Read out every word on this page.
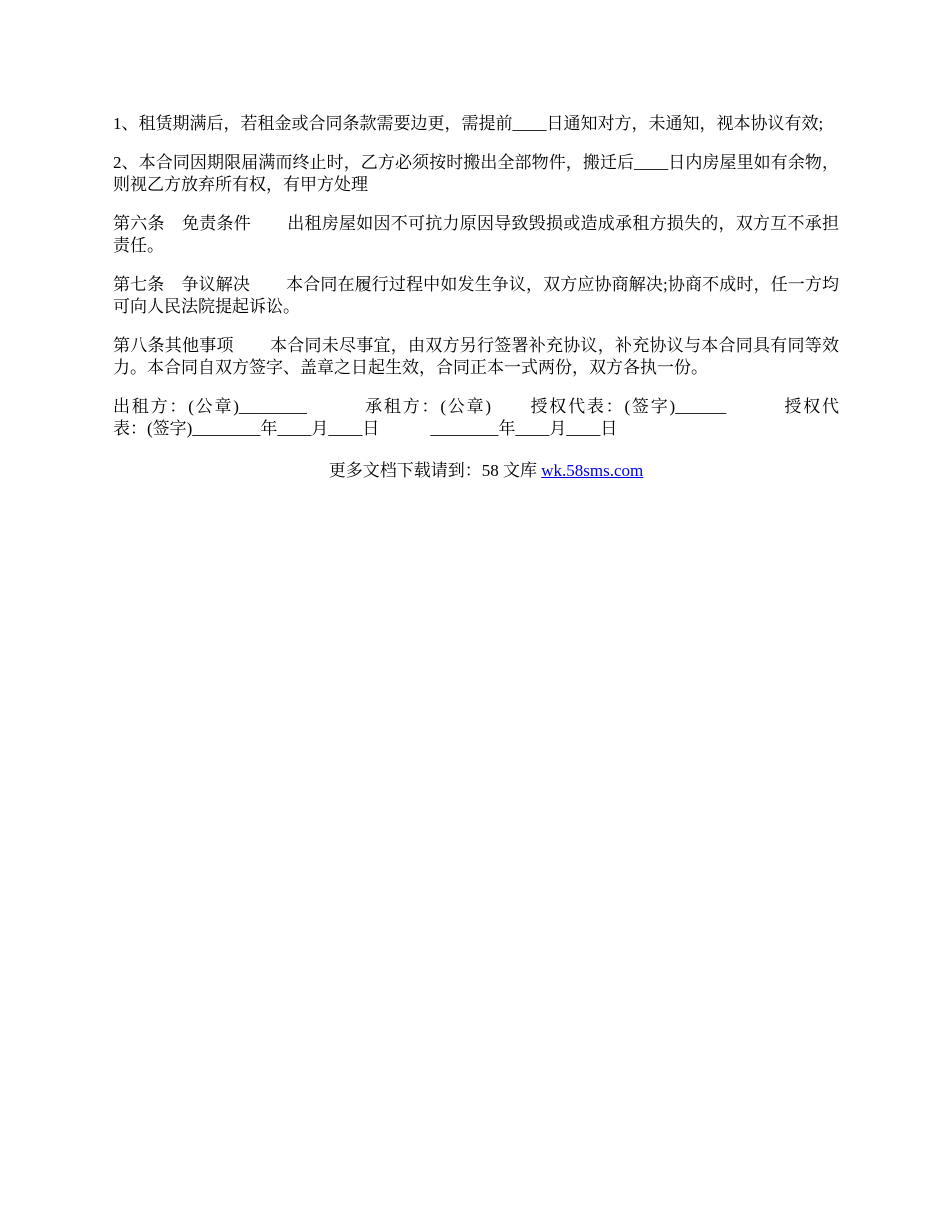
1、租赁期满后，若租金或合同条款需要边更，需提前____日通知对方，未通知，视本协议有效;

2、本合同因期限届满而终止时，乙方必须按时搬出全部物件，搬迁后____日内房屋里如有余物，则视乙方放弃所有权，有甲方处理

第六条　免责条件 出租房屋如因不可抗力原因导致毁损或造成承租方损失的，双方互不承担责任。

第七条　争议解决 本合同在履行过程中如发生争议，双方应协商解决;协商不成时，任一方均可向人民法院提起诉讼。

第八条其他事项 本合同未尽事宜，由双方另行签署补充协议，补充协议与本合同具有同等效力。本合同自双方签字、盖章之日起生效，合同正本一式两份，双方各执一份。

出租方：(公章)________　　　承租方：(公章)　　授权代表：(签字)______　　　授权代
表：(签字)________年____月____日　　　________年____月____日
更多文档下载请到：58 文库 wk.58sms.com
